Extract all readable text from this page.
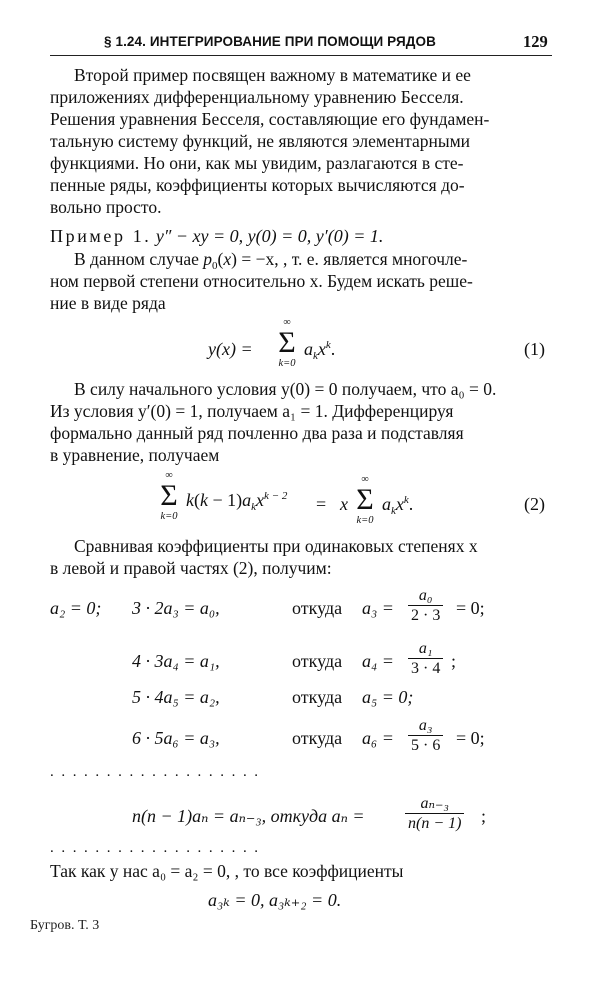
§ 1.24. ИНТЕГРИРОВАНИЕ ПРИ ПОМОЩИ РЯДОВ	129

Второй пример посвящен важному в математике и ее

приложениях дифференциальному уравнению Бесселя.

Решения уравнения Бесселя, составляющие его фундамен-

тальную систему функций, не являются элементарными

функциями. Но они, как мы увидим, разлагаются в сте-

пенные ряды, коэффициенты которых вычисляются до-

вольно просто.

Пример 1. y″ − xy = 0, y(0) = 0, y′(0) = 1.

В данном случае $p_0(x) = -x$, , т. е. является многочле-

ном первой степени относительно x. Будем искать решe-

ние в виде ряда

y(x) =
∞
Σ
k=0
$a_kx^k$.	(1)

В силу начального условия y(0) = 0 получаем, что a₀ = 0.

Из условия y′(0) = 1, получаем a₁ = 1. Дифференцируя

формально данный ряд почленно два раза и подставляя

в уравнение, получаем

∞
Σ
k=0
$k(k - 1)a_kx^{k - 2} = x$
∞
Σ
k=0
$a_kx^k$.	(2)

Сравнивая коэффициенты при одинаковых степенях x

в левой и правой частях (2), получим:

a₂ = 0; 3 · 2a₃ = a₀,	откуда $a_3 = \frac{\text{a₀}}{2 \cdot 3} = 0$;
4 · 3a₄ = a₁,	откуда $a_4 = \frac{\text{a₁}}{3 \cdot 4}$ ;
5 · 4a₅ = a₂,	откуда a₅ = 0;
6 · 5a₆ = a₃,	откуда $a_6 = \frac{\text{a₃}}{5 \cdot 6} = 0$;
...................
n(n − 1)aₙ = aₙ₋₃, откуда aₙ =	$\frac{\text{aₙ₋₃}}{n(n - 1)}$ ;
...................

Так как у нас a₀ = a₂ = 0, , то все коэффициенты

a₃ₖ = 0, a₃ₖ₊₂ = 0.
Бугров. Т. 3
